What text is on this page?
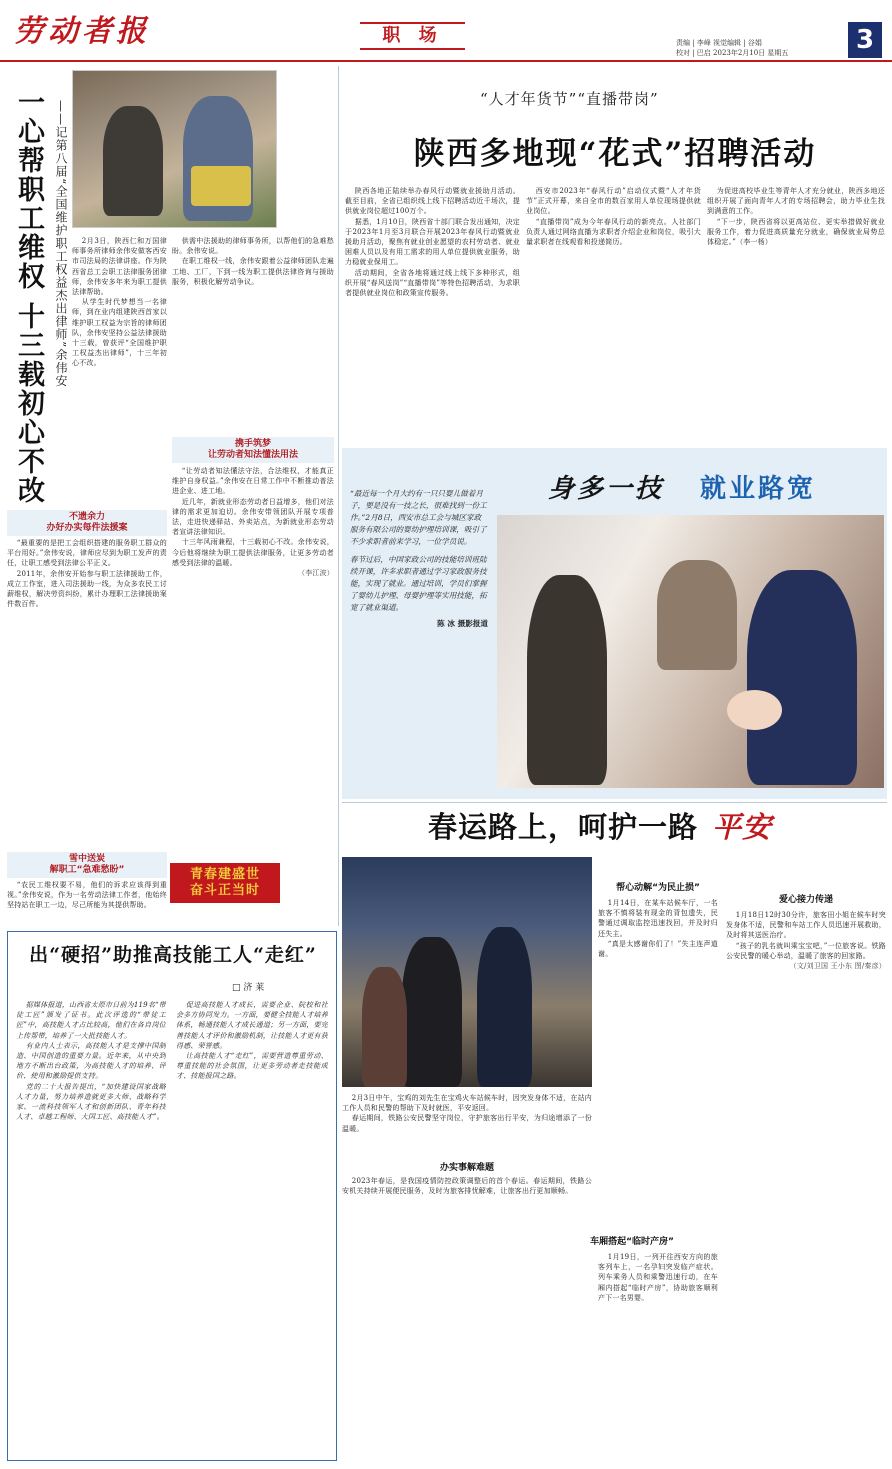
劳动者报	职 场	责编 | 李峰 视觉编辑 | 谷娟
校对 | 巴启 2023年2月10日 星期五	3
一心帮职工维权 十三载初心不改 ——记第八届“全国维护职工权益杰出律师”余伟安	2月3日，陕西仁和万国律师事务所律师余伟安做客西安市司法局的法律讲座。作为陕西省总工会职工法律服务团律师，余伟安多年来为职工提供法律帮助。

从学生时代梦想当一名律师，到在业内组建陕西首家以维护职工权益为宗旨的律师团队，余伟安坚持公益法律援助十三载，曾获评“全国维护职工权益杰出律师”，十三年初心不改。

不遗余力
办好办实每件法援案

“最重要的是把工会组织搭建的服务职工群众的平台用好。”余伟安说，律师应尽到为职工发声的责任，让职工感受到法律公平正义。

2011年，余伟安开始参与职工法律援助工作，成立工作室，进入司法援助一线，为众多农民工讨薪维权，解决劳资纠纷，累计办理职工法律援助案件数百件。

雪中送炭
解职工“急难愁盼”

“农民工维权要不易，他们的诉求应该得到重视。”余伟安说，作为一名劳动法律工作者，他始终坚持站在职工一边，尽己所能为其提供帮助。

供需中法援助的律师事务所，以帮他们的急难愁盼。余伟安说。

在职工维权一线，余伟安跟着公益律师团队走遍工地、工厂，下到一线为职工提供法律咨询与援助服务，积极化解劳动争议。

携手筑梦
让劳动者知法懂法用法

“让劳动者知法懂法守法，合法维权，才能真正维护自身权益。”余伟安在日常工作中不断推动普法进企业、进工地。

近几年，新就业形态劳动者日益增多，他们对法律的需求更加迫切。余伟安带领团队开展专项普法，走进快递驿站、外卖站点，为新就业形态劳动者宣讲法律知识。

十三年风雨兼程，十三载初心不改。余伟安说，今后他将继续为职工提供法律服务，让更多劳动者感受到法律的温暖。

（李江波）

青春建盛世
奋斗正当时
“人才年货节”“直播带岗”
陕西多地现“花式”招聘活动

陕西各地正陆续举办春风行动暨就业援助月活动。截至目前，全省已组织线上线下招聘活动近千场次，提供就业岗位超过100万个。

据悉，1月10日，陕西省十部门联合发出通知，决定于2023年1月至3月联合开展2023年春风行动暨就业援助月活动，聚焦有就业创业愿望的农村劳动者、就业困难人员以及有用工需求的用人单位提供就业服务，助力稳就业保用工。

活动期间，全省各地将通过线上线下多种形式，组织开展“春风送岗”“直播带岗”等特色招聘活动，为求职者提供就业岗位和政策宣传服务。

西安市2023年“春风行动”启动仪式暨“人才年货节”正式开幕，来自全市的数百家用人单位现场提供就业岗位。

“直播带岗”成为今年春风行动的新亮点。人社部门负责人通过网络直播为求职者介绍企业和岗位，吸引大量求职者在线观看和投递简历。

为促进高校毕业生等青年人才充分就业，陕西多地还组织开展了面向青年人才的专场招聘会，助力毕业生找到满意的工作。

“下一步，陕西省将以更高站位、更实举措做好就业服务工作，着力促进高质量充分就业，确保就业局势总体稳定。”（李一杨）

身多一技 就业路宽

“最近每一个月大约有一只只婴儿做着月子，要是没有一技之长，很难找到一份工作。”2月8日，西安市总工会与城区家政服务有限公司的婴幼护理培训课，吸引了不少求职者前来学习，一位学员说。

春节过后，中国家政公司的技能培训班陆续开课，许多求职者通过学习家政服务技能，实现了就业。通过培训，学员们掌握了婴幼儿护理、母婴护理等实用技能，拓宽了就业渠道。

陈 冰 摄影报道

春运路上，呵护一路 平安

2月3日中午，宝鸡的刘先生在宝鸡火车站候车时，因突发身体不适，在站内工作人员和民警的帮助下及时就医，平安返回。

春运期间，铁路公安民警坚守岗位，守护旅客出行平安，为归途增添了一份温暖。

办实事解难题

2023年春运，是我国疫情防控政策调整后的首个春运。春运期间，铁路公安机关持续开展便民服务，及时为旅客排忧解难，让旅客出行更加顺畅。

帮心动解“为民止损”

1月14日，在某车站候车厅，一名旅客不慎将装有现金的背包遗失，民警通过调取监控迅速找回，并及时归还失主。

“真是太感谢你们了！”失主连声道谢。

车厢搭起“临时产房”

1月19日，一列开往西安方向的旅客列车上，一名孕妇突发临产症状。列车乘务人员和乘警迅速行动，在车厢内搭起“临时产房”，协助旅客顺利产下一名男婴。

爱心接力传递

1月18日12时30分许，旅客田小姐在候车时突发身体不适，民警和车站工作人员迅速开展救助，及时将其送医治疗。

“孩子的乳名就叫乘宝宝吧，”一位旅客说。铁路公安民警的暖心举动，温暖了旅客的回家路。

（文/刘卫国 王小东 图/秦彦）

出“硬招”助推高技能工人“走红”
□ 济 莱

据媒体报道，山西省太原市日前为119名“带徒工匠”颁发了证书。此次评选的“带徒工匠”中，高技能人才占比较高，他们在各自岗位上传帮带，培养了一大批技能人才。

有业内人士表示，高技能人才是支撑中国制造、中国创造的重要力量。近年来，从中央到地方不断出台政策，为高技能人才的培养、评价、使用和激励提供支持。

党的二十大报告提出，“加快建设国家战略人才力量，努力培养造就更多大师、战略科学家、一流科技领军人才和创新团队、青年科技人才、卓越工程师、大国工匠、高技能人才”。

促进高技能人才成长，需要企业、院校和社会多方协同发力。一方面，要健全技能人才培养体系，畅通技能人才成长通道；另一方面，要完善技能人才评价和激励机制，让技能人才更有获得感、荣誉感。

让高技能人才“走红”，需要营造尊重劳动、尊重技能的社会氛围，让更多劳动者走技能成才、技能报国之路。
